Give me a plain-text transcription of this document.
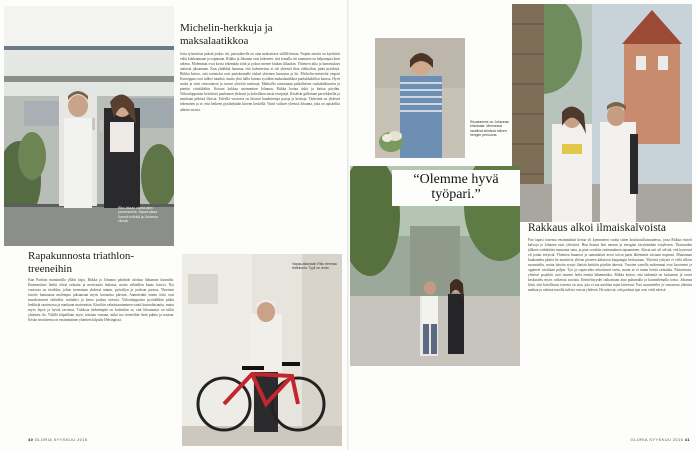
Riku lataan vapaa-ajan parannuksia. Vapaa-aikaa Samuli mökkiä ja Johanna viinejä.
Michelin-herkkuja ja maksalaatikkoa

Jotta työasioista päästä joskus irti, parisuhteelle on aina maksettava välillä hintaa. Nopiin asioiin on kyettäivä vältä kohkaamaan ja sopimaan. Riikka ja Johanna ovat kokeneet, että lomalla irti saaminen on helpompaa kuin arkena. Molemmat ovat kovia tekemään töitä ja joskus menee hiukan liikaakin. Yhteinen aika ja harrastukset auttavat jaksamaan. Kun yhtäkkiä huomaa, että kalenterissa ei ole yhteistä iltaa viikkoihin, pitää pysähtyä. Riikka kertoo, että ravintolat ovat pariskunnalle tärkeä yhteinen harrastus ja ilo. Michelin-ravintolat ympäri Eurooppaa ovat tulleet tutuiksi, mutta yhtä lailla kotona syödään maksalaatikkoa puolukkahillon kanssa. Hyvä ruoka ja viini rentouttavat ja tuovat yhteisiä muistoja. Matkoilla tutustutaan paikalliseen ruokakulttuuriin ja pieniin viinitiloihin. Kotona kokkaa useimmiten Johanna, Riikka hoitaa tiskit ja kattaa pöydän. Viikonloppuisin keittiössä puuhataan yhdessä ja kokeillaan uusia reseptejä. Kesäisin grillataan parvekkeella ja nautitaan pitkistä illoista. Talvella vuorossa on hitaasti haudutettuja patoja ja keittoja. Tärkeintä on yhdessä tekeminen ja se, että hetkeen pysähdytään kiireen keskellä. Viinit valitsee yleensä Johanna, joka on opiskellut aihetta vuosia.

Rapakunnosta triathlon-treeneihin

Kun Pariisin maratonilla yllätti kipu, Riikka ja Johanna päättivät aloittaa liikunnan kunnolla. Ensimmäiset lenkit olivat raskaita ja motivaatio hukassa, mutta vähitellen kunto kasvoi. Nyt vuorossa on triathlon, johon treenataan yhdessä uinnin, pyöräilyn ja juoksun parissa. Yhteinen tavoite kannustaa molempia jaksamaan myös huonoina päivinä. Aamulenkit ennen töitä ovat muodostuneet tärkeäksi rutiiniksi ja keino purkaa stressiä. Viikonloppuisin pyöräillään pitkiä lenkkejä saaristossa ja nautitaan maisemista. Kisoihin valmistautuminen vaatii kurinalaisuutta, mutta myös lepoa ja hyvää ravintoa. Tuloksia tärkeämpää on kuitenkin se, että liikunnasta on tullut yhteinen ilo. Välillä kilpaillaan myös toisiaan vastaan, mikä tuo treeneihin lisää puhtia ja naurua. Kesän tavoitteena on ensimmäinen yhteinen kilpailu Helsingissä.

Vapaa-aikanaan Riku treenaa triathlonia. Tyyli on rento.
40 GLORIA SYYSKUU 2016
Sisustamme on Johannan erikoisala. Mennessä nauttivat silmissä tulinen hengen persoona.
“Olemme hyvä työpari.”
Rakkaus alkoi ilmaiskalvoista

Pari tapasi toisensa ensimmäistä kertaa yli kymmenen vuotta sitten koulutustilaisuudessa, jossa Riikka esitteli kalvoja ja Johanna istui yleisössä. Hän ihastui heti naurun ja energian sävyttämään esitykseen. Tilaisuuden jälkeen vaihdettiin muutama sana, ja pian sovittiin ensimmäinen tapaaminen. Alusta asti oli selvää, että kyseessä oli jotain erityistä. Yhteinen huumori ja samanlaiset arvot toivat parin lähemmäs toisiaan nopeasti. Muutaman kuukauden päästä he muuttivat yhteen pieneen kaksioon kaupungin keskustaan. Yhteistä yritystä ei vielä silloin suunniteltu, mutta ideoita syntyi iltaisin keittiön pöydän ääressä. Vuosien varrella molemmat ovat kasvaneet ja oppineet toisiltaan paljon. Työ ja vapaa-aika sekoittuvat usein, mutta se ei tunnu heistä raskaalta. Päinvastoin, yhteiset projektit ovat tuoneet heitä entistä lähemmäksi. Riikka kertoo, että tärkeintä on luottamus ja avoin keskustelu myös vaikeista asioista. Erimielisyydet ratkaistaan aina puhumalla ja kuuntelemalla toista. Johanna lisää, että kiitollisuus toisesta on asia, jota ei saa unohtaa arjen kiireessä. Pari suunnittelee jo seuraavaa yhteistä matkaa ja odottaa innolla tulevia vuosia yhdessä. He uskovat, että parhaat ajat ovat vielä edessä.

GLORIA SYYSKUU 2016 41
